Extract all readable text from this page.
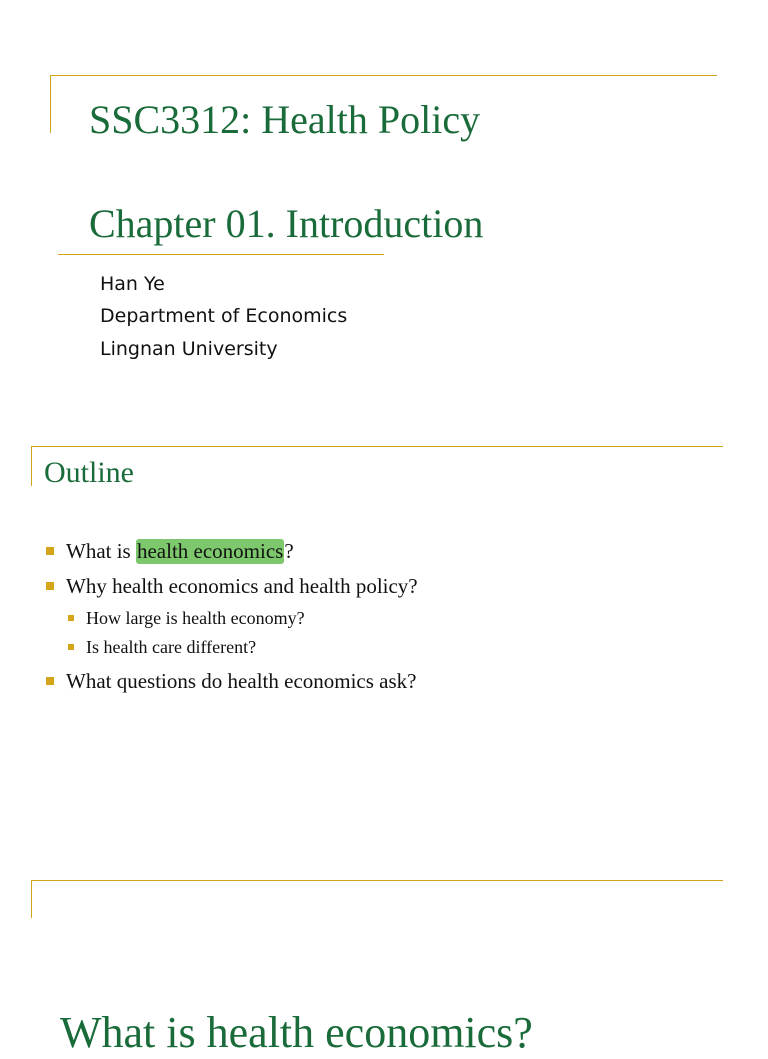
SSC3312: Health Policy
Chapter 01. Introduction
Han Ye
Department of Economics
Lingnan University
Outline
What is health economics ?
Why health economics and health policy?
How large is health economy?
Is health care different?
What questions do health economics ask?
What is health economics?
